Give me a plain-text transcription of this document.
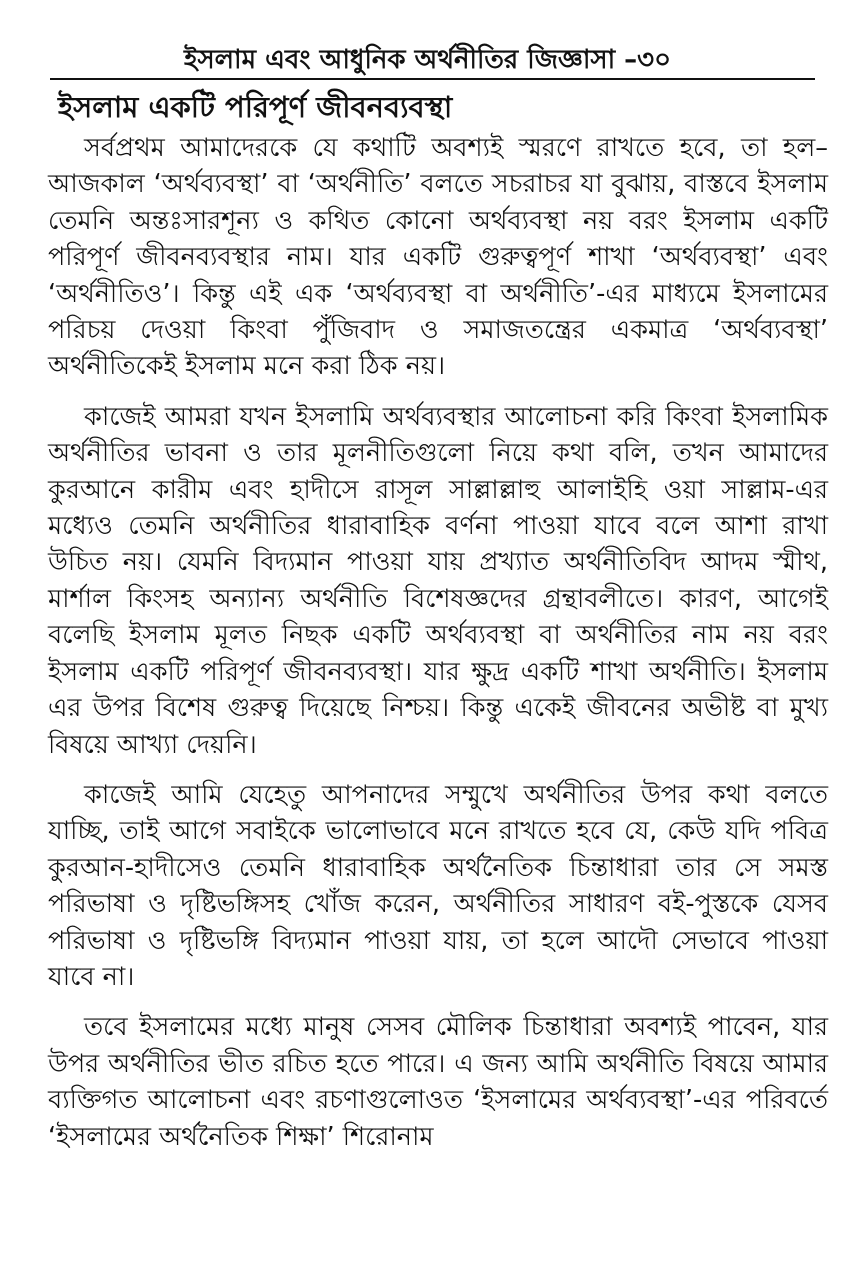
ইসলাম এবং আধুনিক অর্থনীতির জিজ্ঞাসা –৩০
ইসলাম একটি পরিপূর্ণ জীবনব্যবস্থা

সর্বপ্রথম আমাদেরকে যে কথাটি অবশ্যই স্মরণে রাখতে হবে, তা হল– আজকাল ‘অর্থব্যবস্থা’ বা ‘অর্থনীতি’ বলতে সচরাচর যা বুঝায়, বাস্তবে ইসলাম তেমনি অন্তঃসারশূন্য ও কথিত কোনো অর্থব্যবস্থা নয় বরং ইসলাম একটি পরিপূর্ণ জীবনব্যবস্থার নাম। যার একটি গুরুত্বপূর্ণ শাখা ‘অর্থব্যবস্থা’ এবং ‘অর্থনীতিও’। কিন্তু এই এক ‘অর্থব্যবস্থা বা অর্থনীতি’-এর মাধ্যমে ইসলামের পরিচয় দেওয়া কিংবা পুঁজিবাদ ও সমাজতন্ত্রের একমাত্র ‘অর্থব্যবস্থা’ অর্থনীতিকেই ইসলাম মনে করা ঠিক নয়।

কাজেই আমরা যখন ইসলামি অর্থব্যবস্থার আলোচনা করি কিংবা ইসলামিক অর্থনীতির ভাবনা ও তার মূলনীতিগুলো নিয়ে কথা বলি, তখন আমাদের কুরআনে কারীম এবং হাদীসে রাসূল সাল্লাল্লাহু আলাইহি ওয়া সাল্লাম-এর মধ্যেও তেমনি অর্থনীতির ধারাবাহিক বর্ণনা পাওয়া যাবে বলে আশা রাখা উচিত নয়। যেমনি বিদ্যমান পাওয়া যায় প্রখ্যাত অর্থনীতিবিদ আদম স্মীথ, মার্শাল কিংসহ অন্যান্য অর্থনীতি বিশেষজ্ঞদের গ্রন্থাবলীতে। কারণ, আগেই বলেছি ইসলাম মূলত নিছক একটি অর্থব্যবস্থা বা অর্থনীতির নাম নয় বরং ইসলাম একটি পরিপূর্ণ জীবনব্যবস্থা। যার ক্ষুদ্র একটি শাখা অর্থনীতি। ইসলাম এর উপর বিশেষ গুরুত্ব দিয়েছে নিশ্চয়। কিন্তু একেই জীবনের অভীষ্ট বা মুখ্য বিষয়ে আখ্যা দেয়নি।

কাজেই আমি যেহেতু আপনাদের সম্মুখে অর্থনীতির উপর কথা বলতে যাচ্ছি, তাই আগে সবাইকে ভালোভাবে মনে রাখতে হবে যে, কেউ যদি পবিত্র কুরআন-হাদীসেও তেমনি ধারাবাহিক অর্থনৈতিক চিন্তাধারা তার সে সমস্ত পরিভাষা ও দৃষ্টিভঙ্গিসহ খোঁজ করেন, অর্থনীতির সাধারণ বই-পুস্তকে যেসব পরিভাষা ও দৃষ্টিভঙ্গি বিদ্যমান পাওয়া যায়, তা হলে আদৌ সেভাবে পাওয়া যাবে না।

তবে ইসলামের মধ্যে মানুষ সেসব মৌলিক চিন্তাধারা অবশ্যই পাবেন, যার উপর অর্থনীতির ভীত রচিত হতে পারে। এ জন্য আমি অর্থনীতি বিষয়ে আমার ব্যক্তিগত আলোচনা এবং রচণাগুলোওত ‘ইসলামের অর্থব্যবস্থা’-এর পরিবর্তে ‘ইসলামের অর্থনৈতিক শিক্ষা’ শিরোনাম
